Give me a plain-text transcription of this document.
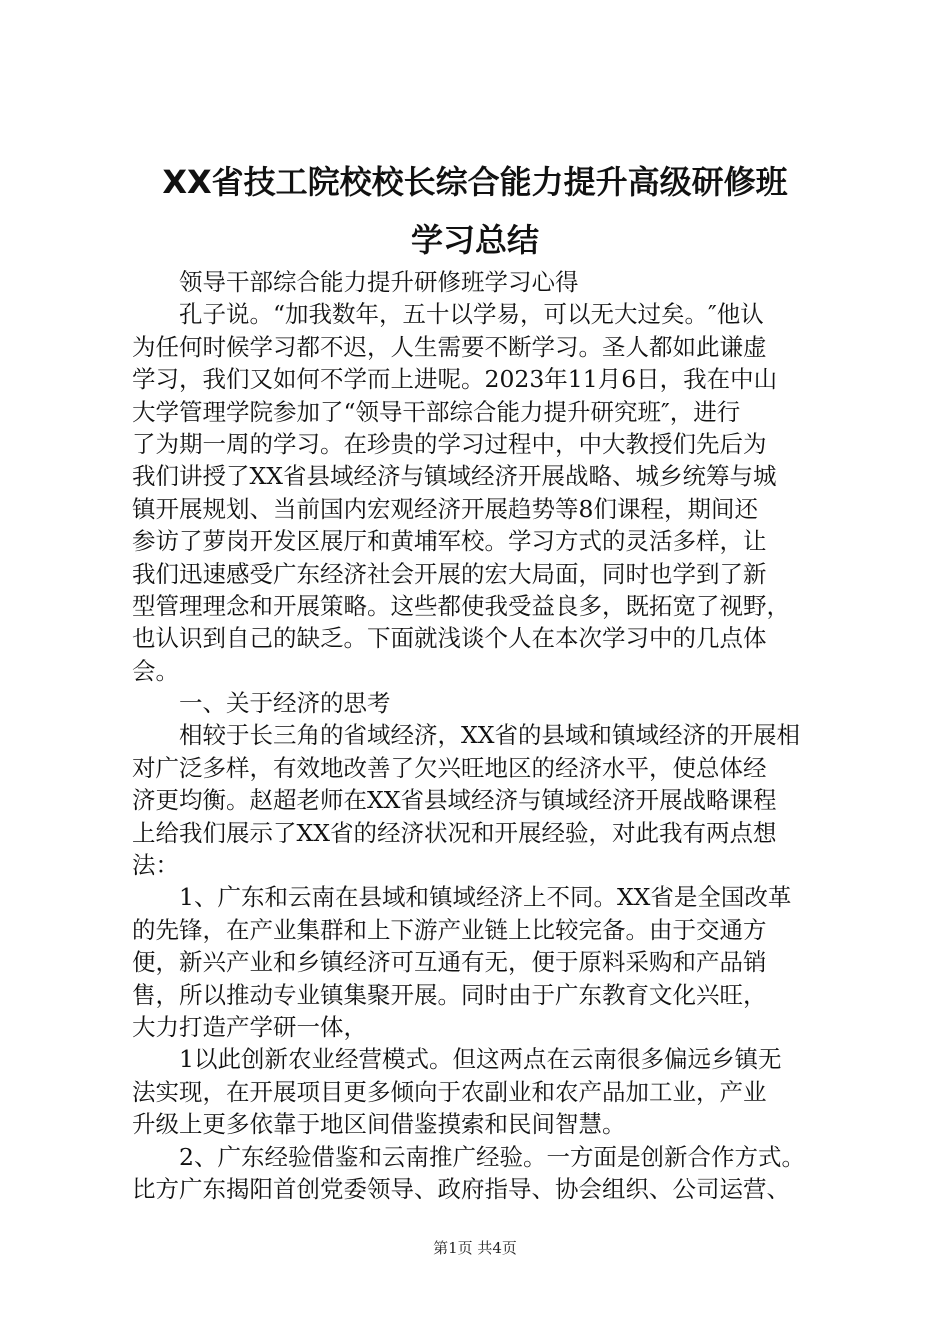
XX省技工院校校长综合能力提升高级研修班
学习总结
领导干部综合能力提升研修班学习心得
孔子说。“加我数年，五十以学易，可以无大过矣。″他认
为任何时候学习都不迟，人生需要不断学习。圣人都如此谦虚
学习，我们又如何不学而上进呢。2023年11月6日，我在中山
大学管理学院参加了“领导干部综合能力提升研究班″，进行
了为期一周的学习。在珍贵的学习过程中，中大教授们先后为
我们讲授了XX省县域经济与镇域经济开展战略、城乡统筹与城
镇开展规划、当前国内宏观经济开展趋势等8们课程，期间还
参访了萝岗开发区展厅和黄埔军校。学习方式的灵活多样，让
我们迅速感受广东经济社会开展的宏大局面，同时也学到了新
型管理理念和开展策略。这些都使我受益良多，既拓宽了视野，
也认识到自己的缺乏。下面就浅谈个人在本次学习中的几点体
会。
一、关于经济的思考
相较于长三角的省域经济，XX省的县域和镇域经济的开展相
对广泛多样，有效地改善了欠兴旺地区的经济水平，使总体经
济更均衡。赵超老师在XX省县域经济与镇域经济开展战略课程
上给我们展示了XX省的经济状况和开展经验，对此我有两点想
法：
1、广东和云南在县域和镇域经济上不同。XX省是全国改革
的先锋，在产业集群和上下游产业链上比较完备。由于交通方
便，新兴产业和乡镇经济可互通有无，便于原料采购和产品销
售，所以推动专业镇集聚开展。同时由于广东教育文化兴旺，
大力打造产学研一体，
1以此创新农业经营模式。但这两点在云南很多偏远乡镇无
法实现，在开展项目更多倾向于农副业和农产品加工业，产业
升级上更多依靠于地区间借鉴摸索和民间智慧。
2、广东经验借鉴和云南推广经验。一方面是创新合作方式。
比方广东揭阳首创党委领导、政府指导、协会组织、公司运营、
第1页 共4页
